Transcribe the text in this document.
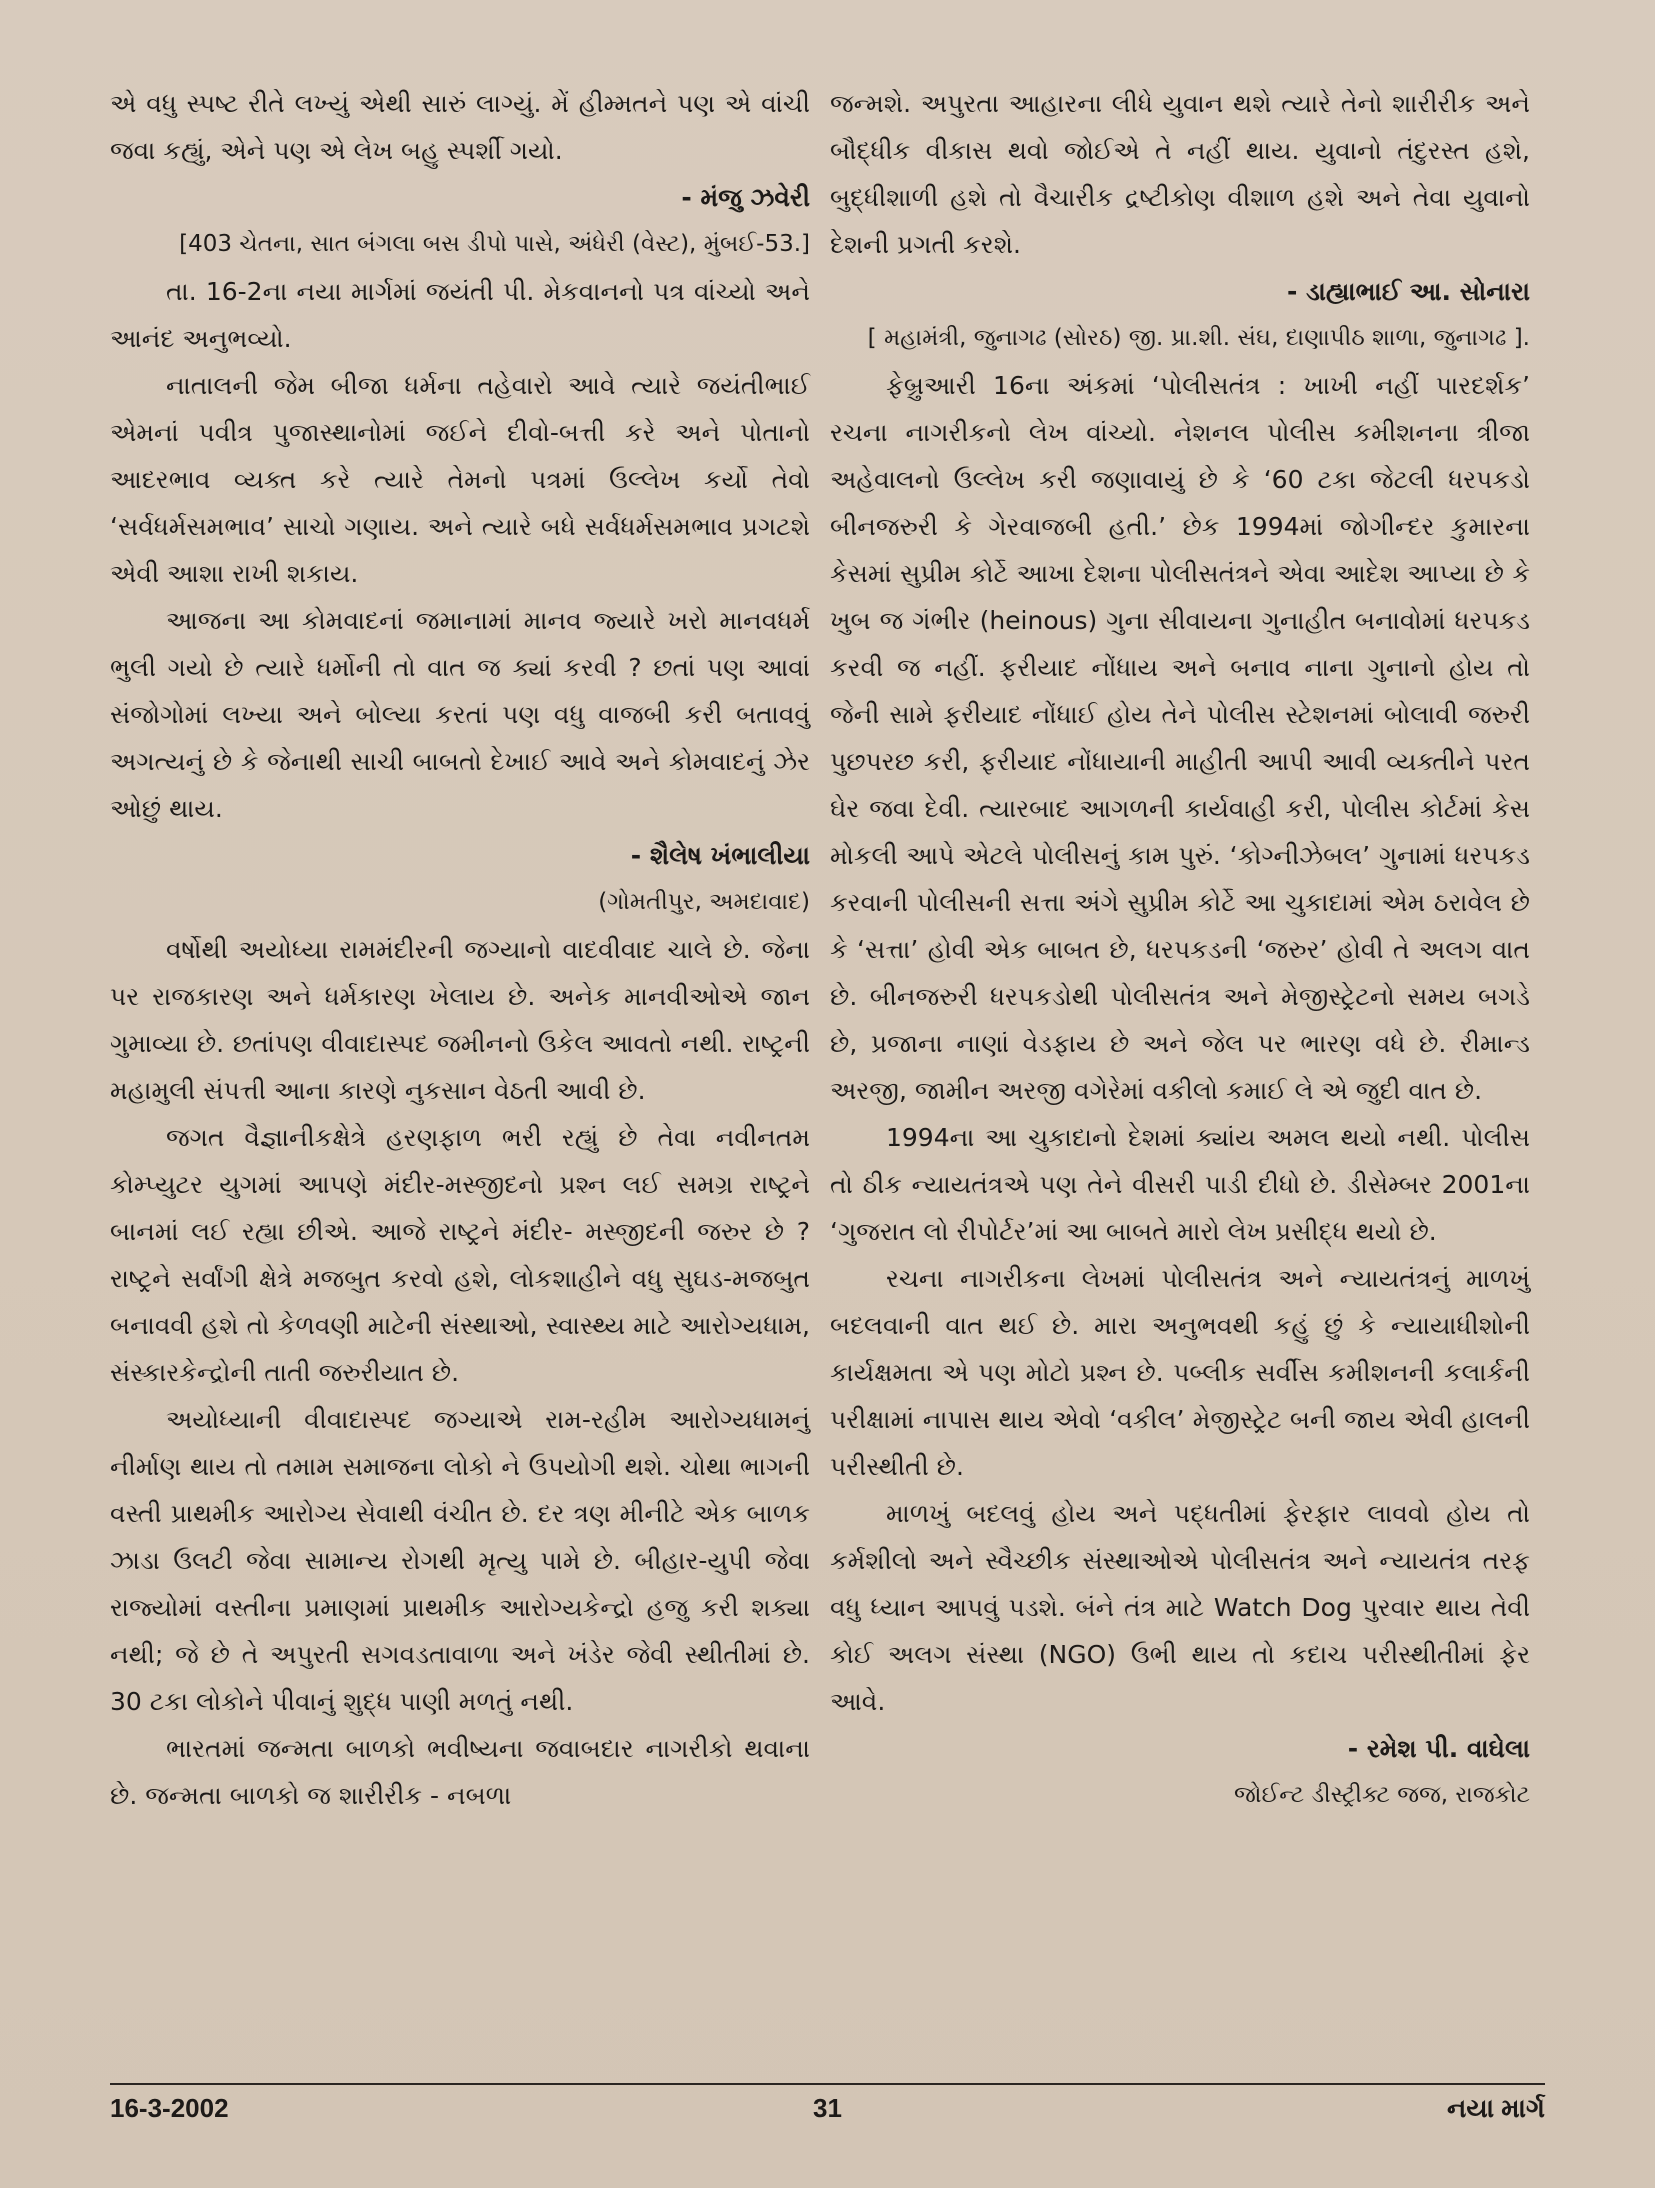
એ વધુ સ્પષ્ટ રીતે લખ્યું એથી સારું લાગ્યું. મેં હીમ્મતને પણ એ વાંચી જવા કહ્યું, એને પણ એ લેખ બહુ સ્પર્શી ગયો.

- મંજુ ઝવેરી

[403 ચેતના, સાત બંગલા બસ ડીપો પાસે, અંધેરી (વેસ્ટ), મુંબઈ-53.]

તા. 16-2ના નયા માર્ગમાં જયંતી પી. મેકવાનનો પત્ર વાંચ્યો અને આનંદ અનુભવ્યો.

નાતાલની જેમ બીજા ધર્મના તહેવારો આવે ત્યારે જયંતીભાઈ એમનાં પવીત્ર પુજાસ્થાનોમાં જઈને દીવો-બત્તી કરે અને પોતાનો આદરભાવ વ્યક્ત કરે ત્યારે તેમનો પત્રમાં ઉલ્લેખ કર્યો તેવો ‘સર્વધર્મસમભાવ’ સાચો ગણાય. અને ત્યારે બધે સર્વધર્મસમભાવ પ્રગટશે એવી આશા રાખી શકાય.

આજના આ કોમવાદનાં જમાનામાં માનવ જ્યારે ખરો માનવધર્મ ભુલી ગયો છે ત્યારે ધર્મોની તો વાત જ ક્યાં કરવી ? છતાં પણ આવાં સંજોગોમાં લખ્યા અને બોલ્યા કરતાં પણ વધુ વાજબી કરી બતાવવું અગત્યનું છે કે જેનાથી સાચી બાબતો દેખાઈ આવે અને કોમવાદનું ઝેર ઓછું થાય.

- શૈલેષ ખંભાલીયા

(ગોમતીપુર, અમદાવાદ)

વર્ષોથી અયોધ્યા રામમંદીરની જગ્યાનો વાદવીવાદ ચાલે છે. જેના પર રાજકારણ અને ધર્મકારણ ખેલાય છે. અનેક માનવીઓએ જાન ગુમાવ્યા છે. છતાંપણ વીવાદાસ્પદ જમીનનો ઉકેલ આવતો નથી. રાષ્ટ્રની મહામુલી સંપત્તી આના કારણે નુકસાન વેઠતી આવી છે.

જગત વૈજ્ઞાનીકક્ષેત્રે હરણફાળ ભરી રહ્યું છે તેવા નવીનતમ કોમ્પ્યુટર યુગમાં આપણે મંદીર-મસ્જીદનો પ્રશ્ન લઈ સમગ્ર રાષ્ટ્રને બાનમાં લઈ રહ્યા છીએ. આજે રાષ્ટ્રને મંદીર- મસ્જીદની જરુર છે ? રાષ્ટ્રને સર્વાંગી ક્ષેત્રે મજબુત કરવો હશે, લોકશાહીને વધુ સુઘડ-મજબુત બનાવવી હશે તો કેળવણી માટેની સંસ્થાઓ, સ્વાસ્થ્ય માટે આરોગ્યધામ, સંસ્કારકેન્દ્રોની તાતી જરુરીયાત છે.

અયોધ્યાની વીવાદાસ્પદ જગ્યાએ રામ-રહીમ આરોગ્યધામનું નીર્માણ થાય તો તમામ સમાજના લોકો ને ઉપયોગી થશે. ચોથા ભાગની વસ્તી પ્રાથમીક આરોગ્ય સેવાથી વંચીત છે. દર ત્રણ મીનીટે એક બાળક ઝાડા ઉલટી જેવા સામાન્ય રોગથી મૃત્યુ પામે છે. બીહાર-યુપી જેવા રાજ્યોમાં વસ્તીના પ્રમાણમાં પ્રાથમીક આરોગ્યકેન્દ્રો હજુ કરી શક્યા નથી; જે છે તે અપુરતી સગવડતાવાળા અને ખંડેર જેવી સ્થીતીમાં છે. 30 ટકા લોકોને પીવાનું શુદ્ધ પાણી મળતું નથી.

ભારતમાં જન્મતા બાળકો ભવીષ્યના જવાબદાર નાગરીકો થવાના છે. જન્મતા બાળકો જ શારીરીક - નબળા

જન્મશે. અપુરતા આહારના લીધે યુવાન થશે ત્યારે તેનો શારીરીક અને બૌદ્ધીક વીકાસ થવો જોઈએ તે નહીં થાય. યુવાનો તંદુરસ્ત હશે, બુદ્ધીશાળી હશે તો વૈચારીક દ્રષ્ટીકોણ વીશાળ હશે અને તેવા યુવાનો દેશની પ્રગતી કરશે.

- ડાહ્યાભાઈ આ. સોનારા

[ મહામંત્રી, જુનાગઢ (સોરઠ) જી. પ્રા.શી. સંઘ, દાણાપીઠ શાળા, જુનાગઢ ].

ફેબ્રુઆરી 16ના અંકમાં ‘પોલીસતંત્ર : ખાખી નહીં પારદર્શક’ રચના નાગરીકનો લેખ વાંચ્યો. નેશનલ પોલીસ કમીશનના ત્રીજા અહેવાલનો ઉલ્લેખ કરી જણાવાયું છે કે ‘60 ટકા જેટલી ધરપકડો બીનજરુરી કે ગેરવાજબી હતી.’ છેક 1994માં જોગીન્દર કુમારના કેસમાં સુપ્રીમ કોર્ટે આખા દેશના પોલીસતંત્રને એવા આદેશ આપ્યા છે કે ખુબ જ ગંભીર (heinous) ગુના સીવાયના ગુનાહીત બનાવોમાં ધરપકડ કરવી જ નહીં. ફરીયાદ નોંધાય અને બનાવ નાના ગુનાનો હોય તો જેની સામે ફરીયાદ નોંધાઈ હોય તેને પોલીસ સ્ટેશનમાં બોલાવી જરુરી પુછપરછ કરી, ફરીયાદ નોંધાયાની માહીતી આપી આવી વ્યક્તીને પરત ઘેર જવા દેવી. ત્યારબાદ આગળની કાર્યવાહી કરી, પોલીસ કોર્ટમાં કેસ મોકલી આપે એટલે પોલીસનું કામ પુરું. ‘કોગ્નીઝેબલ’ ગુનામાં ધરપકડ કરવાની પોલીસની સત્તા અંગે સુપ્રીમ કોર્ટે આ ચુકાદામાં એમ ઠરાવેલ છે કે ‘સત્તા’ હોવી એક બાબત છે, ધરપકડની ‘જરુર’ હોવી તે અલગ વાત છે. બીનજરુરી ધરપકડોથી પોલીસતંત્ર અને મેજીસ્ટ્રેટનો સમય બગડે છે, પ્રજાના નાણાં વેડફાય છે અને જેલ પર ભારણ વધે છે. રીમાન્ડ અરજી, જામીન અરજી વગેરેમાં વકીલો કમાઈ લે એ જુદી વાત છે.

1994ના આ ચુકાદાનો દેશમાં ક્યાંય અમલ થયો નથી. પોલીસ તો ઠીક ન્યાયતંત્રએ પણ તેને વીસરી પાડી દીધો છે. ડીસેમ્બર 2001ના ‘ગુજરાત લો રીપોર્ટર’માં આ બાબતે મારો લેખ પ્રસીદ્ધ થયો છે.

રચના નાગરીકના લેખમાં પોલીસતંત્ર અને ન્યાયતંત્રનું માળખું બદલવાની વાત થઈ છે. મારા અનુભવથી કહું છું કે ન્યાયાધીશોની કાર્યક્ષમતા એ પણ મોટો પ્રશ્ન છે. પબ્લીક સર્વીસ કમીશનની કલાર્કની પરીક્ષામાં નાપાસ થાય એવો ‘વકીલ’ મેજીસ્ટ્રેટ બની જાય એવી હાલની પરીસ્થીતી છે.

માળખું બદલવું હોય અને પદ્ધતીમાં ફેરફાર લાવવો હોય તો કર્મશીલો અને સ્વૈચ્છીક સંસ્થાઓએ પોલીસતંત્ર અને ન્યાયતંત્ર તરફ વધુ ધ્યાન આપવું પડશે. બંને તંત્ર માટે Watch Dog પુરવાર થાય તેવી કોઈ અલગ સંસ્થા (NGO) ઉભી થાય તો કદાચ પરીસ્થીતીમાં ફેર આવે.

- રમેશ પી. વાઘેલા

જોઈન્ટ ડીસ્ટ્રીક્ટ જજ, રાજકોટ

16-3-2002	31	નયા માર્ગ
